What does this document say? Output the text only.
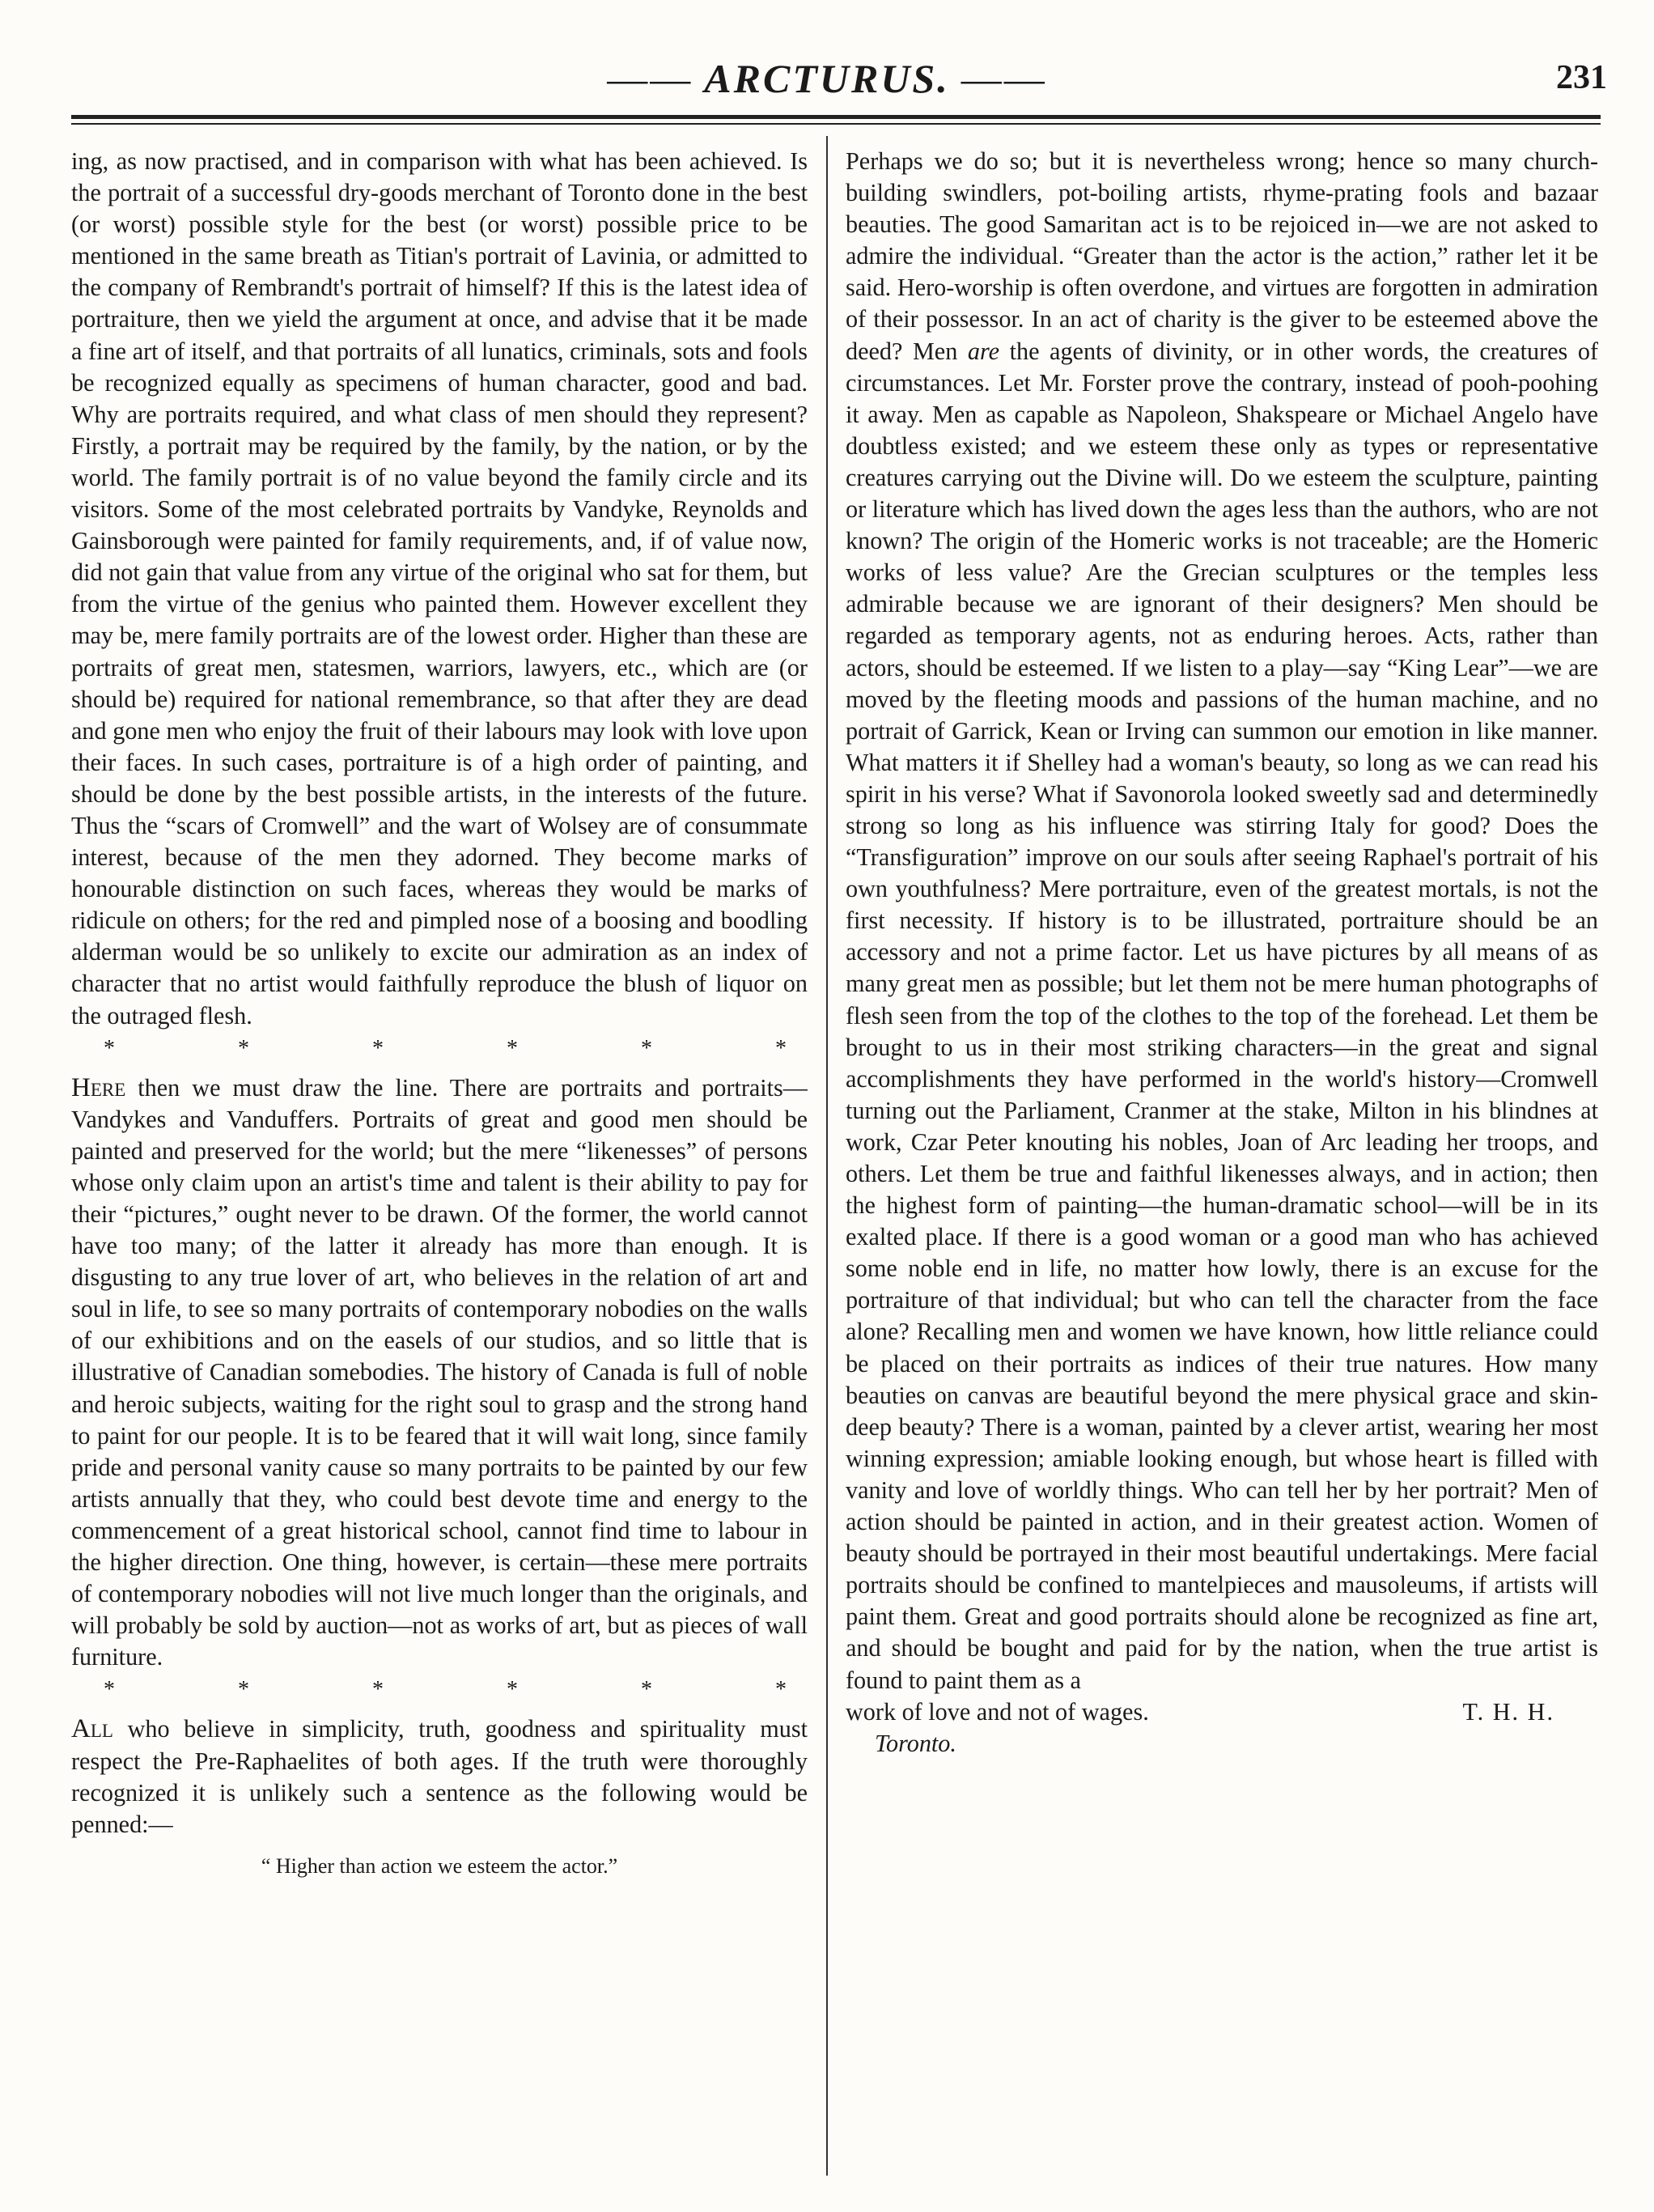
—— ARCTURUS. ——	231

ing, as now practised, and in comparison with what has been achieved. Is the portrait of a successful dry-goods merchant of Toronto done in the best (or worst) possible style for the best (or worst) possible price to be mentioned in the same breath as Titian's portrait of Lavinia, or admitted to the company of Rembrandt's portrait of himself? If this is the latest idea of portraiture, then we yield the argument at once, and advise that it be made a fine art of itself, and that portraits of all lunatics, criminals, sots and fools be recognized equally as specimens of human character, good and bad. Why are portraits required, and what class of men should they represent? Firstly, a portrait may be required by the family, by the nation, or by the world. The family portrait is of no value beyond the family circle and its visitors. Some of the most celebrated portraits by Vandyke, Reynolds and Gainsborough were painted for family requirements, and, if of value now, did not gain that value from any virtue of the original who sat for them, but from the virtue of the genius who painted them. However excellent they may be, mere family portraits are of the lowest order. Higher than these are portraits of great men, statesmen, warriors, lawyers, etc., which are (or should be) required for national remembrance, so that after they are dead and gone men who enjoy the fruit of their labours may look with love upon their faces. In such cases, portraiture is of a high order of painting, and should be done by the best possible artists, in the interests of the future. Thus the “scars of Cromwell” and the wart of Wolsey are of consummate interest, because of the men they adorned. They become marks of honourable distinction on such faces, whereas they would be marks of ridicule on others; for the red and pimpled nose of a boosing and boodling alderman would be so unlikely to excite our admiration as an index of character that no artist would faithfully reproduce the blush of liquor on the outraged flesh.

*	*	*	*	*	*

Here then we must draw the line. There are portraits and portraits—Vandykes and Vanduffers. Portraits of great and good men should be painted and preserved for the world; but the mere “likenesses” of persons whose only claim upon an artist's time and talent is their ability to pay for their “pictures,” ought never to be drawn. Of the former, the world cannot have too many; of the latter it already has more than enough. It is disgusting to any true lover of art, who believes in the relation of art and soul in life, to see so many portraits of contemporary nobodies on the walls of our exhibitions and on the easels of our studios, and so little that is illustrative of Canadian somebodies. The history of Canada is full of noble and heroic subjects, waiting for the right soul to grasp and the strong hand to paint for our people. It is to be feared that it will wait long, since family pride and personal vanity cause so many portraits to be painted by our few artists annually that they, who could best devote time and energy to the commencement of a great historical school, cannot find time to labour in the higher direction. One thing, however, is certain—these mere portraits of contemporary nobodies will not live much longer than the originals, and will probably be sold by auction—not as works of art, but as pieces of wall furniture.

*	*	*	*	*	*

All who believe in simplicity, truth, goodness and spirituality must respect the Pre-Raphaelites of both ages. If the truth were thoroughly recognized it is unlikely such a sentence as the following would be penned:—

“ Higher than action we esteem the actor.”

Perhaps we do so; but it is nevertheless wrong; hence so many church-building swindlers, pot-boiling artists, rhyme-prating fools and bazaar beauties. The good Samaritan act is to be rejoiced in—we are not asked to admire the individual. “Greater than the actor is the action,” rather let it be said. Hero-worship is often overdone, and virtues are forgotten in admiration of their possessor. In an act of charity is the giver to be esteemed above the deed? Men are the agents of divinity, or in other words, the creatures of circumstances. Let Mr. Forster prove the contrary, instead of pooh-poohing it away. Men as capable as Napoleon, Shakspeare or Michael Angelo have doubtless existed; and we esteem these only as types or representative creatures carrying out the Divine will. Do we esteem the sculpture, painting or literature which has lived down the ages less than the authors, who are not known? The origin of the Homeric works is not traceable; are the Homeric works of less value? Are the Grecian sculptures or the temples less admirable because we are ignorant of their designers? Men should be regarded as temporary agents, not as enduring heroes. Acts, rather than actors, should be esteemed. If we listen to a play—say “King Lear”—we are moved by the fleeting moods and passions of the human machine, and no portrait of Garrick, Kean or Irving can summon our emotion in like manner. What matters it if Shelley had a woman's beauty, so long as we can read his spirit in his verse? What if Savonorola looked sweetly sad and determinedly strong so long as his influence was stirring Italy for good? Does the “Transfiguration” improve on our souls after seeing Raphael's portrait of his own youthfulness? Mere portraiture, even of the greatest mortals, is not the first necessity. If history is to be illustrated, portraiture should be an accessory and not a prime factor. Let us have pictures by all means of as many great men as possible; but let them not be mere human photographs of flesh seen from the top of the clothes to the top of the forehead. Let them be brought to us in their most striking characters—in the great and signal accomplishments they have performed in the world's history—Cromwell turning out the Parliament, Cranmer at the stake, Milton in his blindnes at work, Czar Peter knouting his nobles, Joan of Arc leading her troops, and others. Let them be true and faithful likenesses always, and in action; then the highest form of painting—the human-dramatic school—will be in its exalted place. If there is a good woman or a good man who has achieved some noble end in life, no matter how lowly, there is an excuse for the portraiture of that individual; but who can tell the character from the face alone? Recalling men and women we have known, how little reliance could be placed on their portraits as indices of their true natures. How many beauties on canvas are beautiful beyond the mere physical grace and skin-deep beauty? There is a woman, painted by a clever artist, wearing her most winning expression; amiable looking enough, but whose heart is filled with vanity and love of worldly things. Who can tell her by her portrait? Men of action should be painted in action, and in their greatest action. Women of beauty should be portrayed in their most beautiful undertakings. Mere facial portraits should be confined to mantelpieces and mausoleums, if artists will paint them. Great and good portraits should alone be recognized as fine art, and should be bought and paid for by the nation, when the true artist is found to paint them as a

work of love and not of wages.	T. H. H.
Toronto.
